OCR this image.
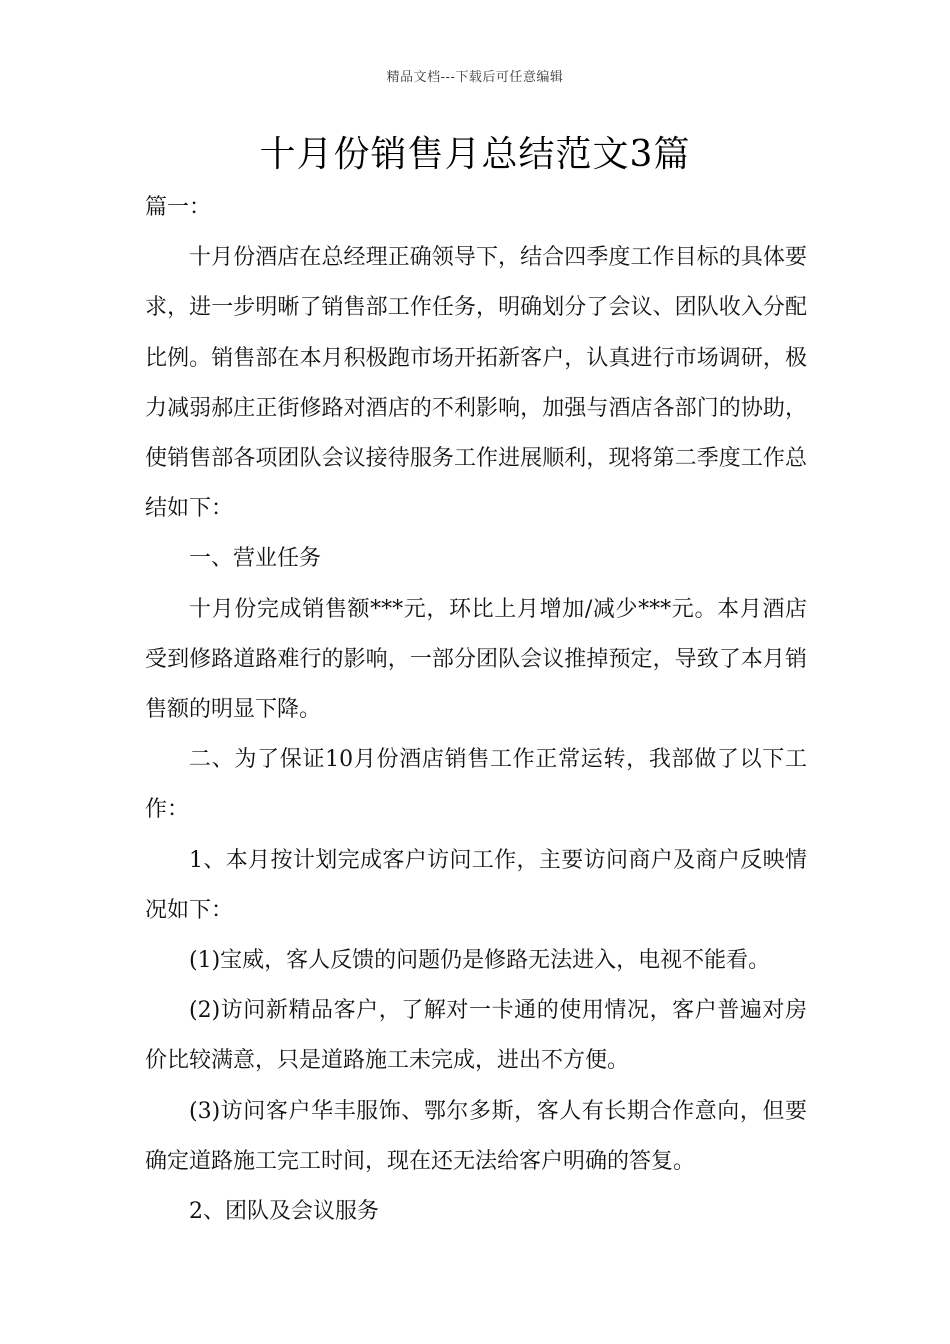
精品文档---下载后可任意编辑
十月份销售月总结范文3篇

篇一：

十月份酒店在总经理正确领导下，结合四季度工作目标的具体要求，进一步明晰了销售部工作任务，明确划分了会议、团队收入分配比例。销售部在本月积极跑市场开拓新客户，认真进行市场调研，极力减弱郝庄正街修路对酒店的不利影响，加强与酒店各部门的协助，使销售部各项团队会议接待服务工作进展顺利，现将第二季度工作总结如下：

一、营业任务

十月份完成销售额***元，环比上月增加/减少***元。本月酒店受到修路道路难行的影响，一部分团队会议推掉预定，导致了本月销售额的明显下降。

二、为了保证10月份酒店销售工作正常运转，我部做了以下工作：

1、本月按计划完成客户访问工作，主要访问商户及商户反映情况如下：

(1)宝威，客人反馈的问题仍是修路无法进入，电视不能看。

(2)访问新精品客户，了解对一卡通的使用情况，客户普遍对房价比较满意，只是道路施工未完成，进出不方便。

(3)访问客户华丰服饰、鄂尔多斯，客人有长期合作意向，但要确定道路施工完工时间，现在还无法给客户明确的答复。

2、团队及会议服务
